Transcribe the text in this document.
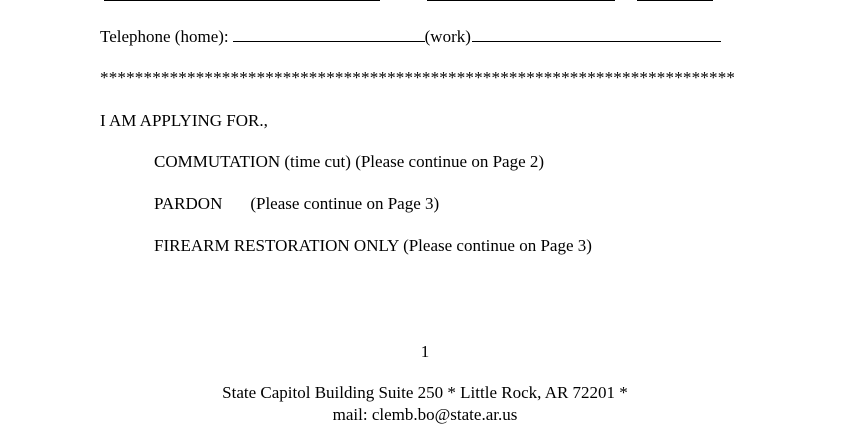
Telephone (home):	(work)
*************************************************************************
I AM APPLYING FOR.,
COMMUTATION (time cut) (Please continue on Page 2)
PARDON (Please continue on Page 3)
FIREARM RESTORATION ONLY (Please continue on Page 3)
1
State Capitol Building Suite 250 * Little Rock, AR 72201 *
mail: clemb.bo@state.ar.us
